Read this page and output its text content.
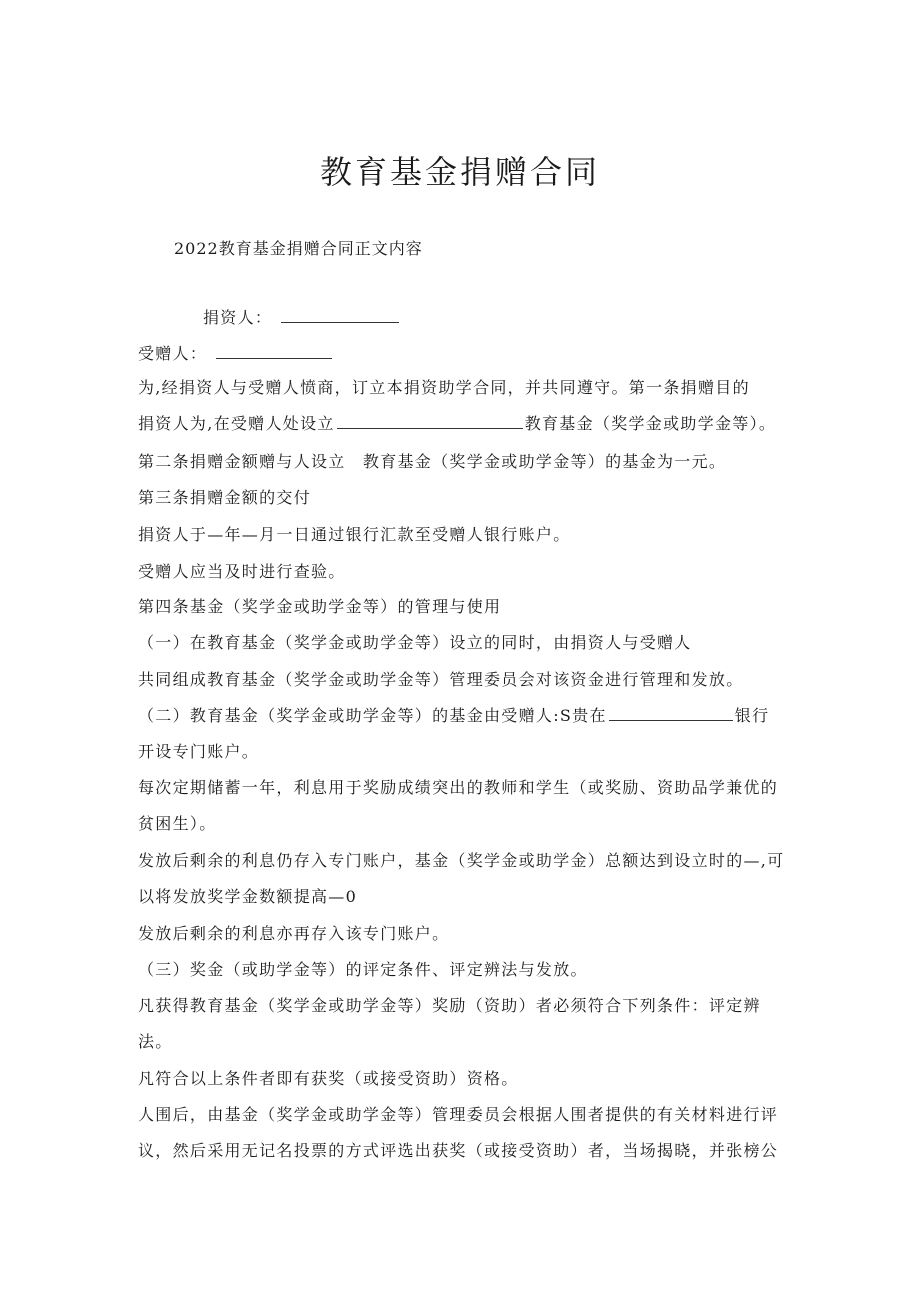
教育基金捐赠合同
2022教育基金捐赠合同正文内容
捐资人：
受赠人：
为,经捐资人与受赠人愤商，订立本捐资助学合同，并共同遵守。第一条捐赠目的
捐资人为,在受赠人处设立	教育基金（奖学金或助学金等）。
第二条捐赠金额赠与人设立　教育基金（奖学金或助学金等）的基金为一元。
第三条捐赠金额的交付
捐资人于—年—月一日通过银行汇款至受赠人银行账户。
受赠人应当及时进行查验。
第四条基金（奖学金或助学金等）的管理与使用
（一）在教育基金（奖学金或助学金等）设立的同时，由捐资人与受赠人
共同组成教育基金（奖学金或助学金等）管理委员会对该资金进行管理和发放。
（二）教育基金（奖学金或助学金等）的基金由受赠人:S贵在	银行
开设专门账户。
每次定期储蓄一年，利息用于奖励成绩突出的教师和学生（或奖励、资助品学兼优的
贫困生）。
发放后剩余的利息仍存入专门账户，基金（奖学金或助学金）总额达到设立时的—,可
以将发放奖学金数额提高—0
发放后剩余的利息亦再存入该专门账户。
（三）奖金（或助学金等）的评定条件、评定辨法与发放。
凡获得教育基金（奖学金或助学金等）奖励（资助）者必须符合下列条件：评定辨
法。
凡符合以上条件者即有获奖（或接受资助）资格。
人围后，由基金（奖学金或助学金等）管理委员会根据人围者提供的有关材料进行评
议，然后采用无记名投票的方式评选出获奖（或接受资助）者，当场揭晓，并张榜公
